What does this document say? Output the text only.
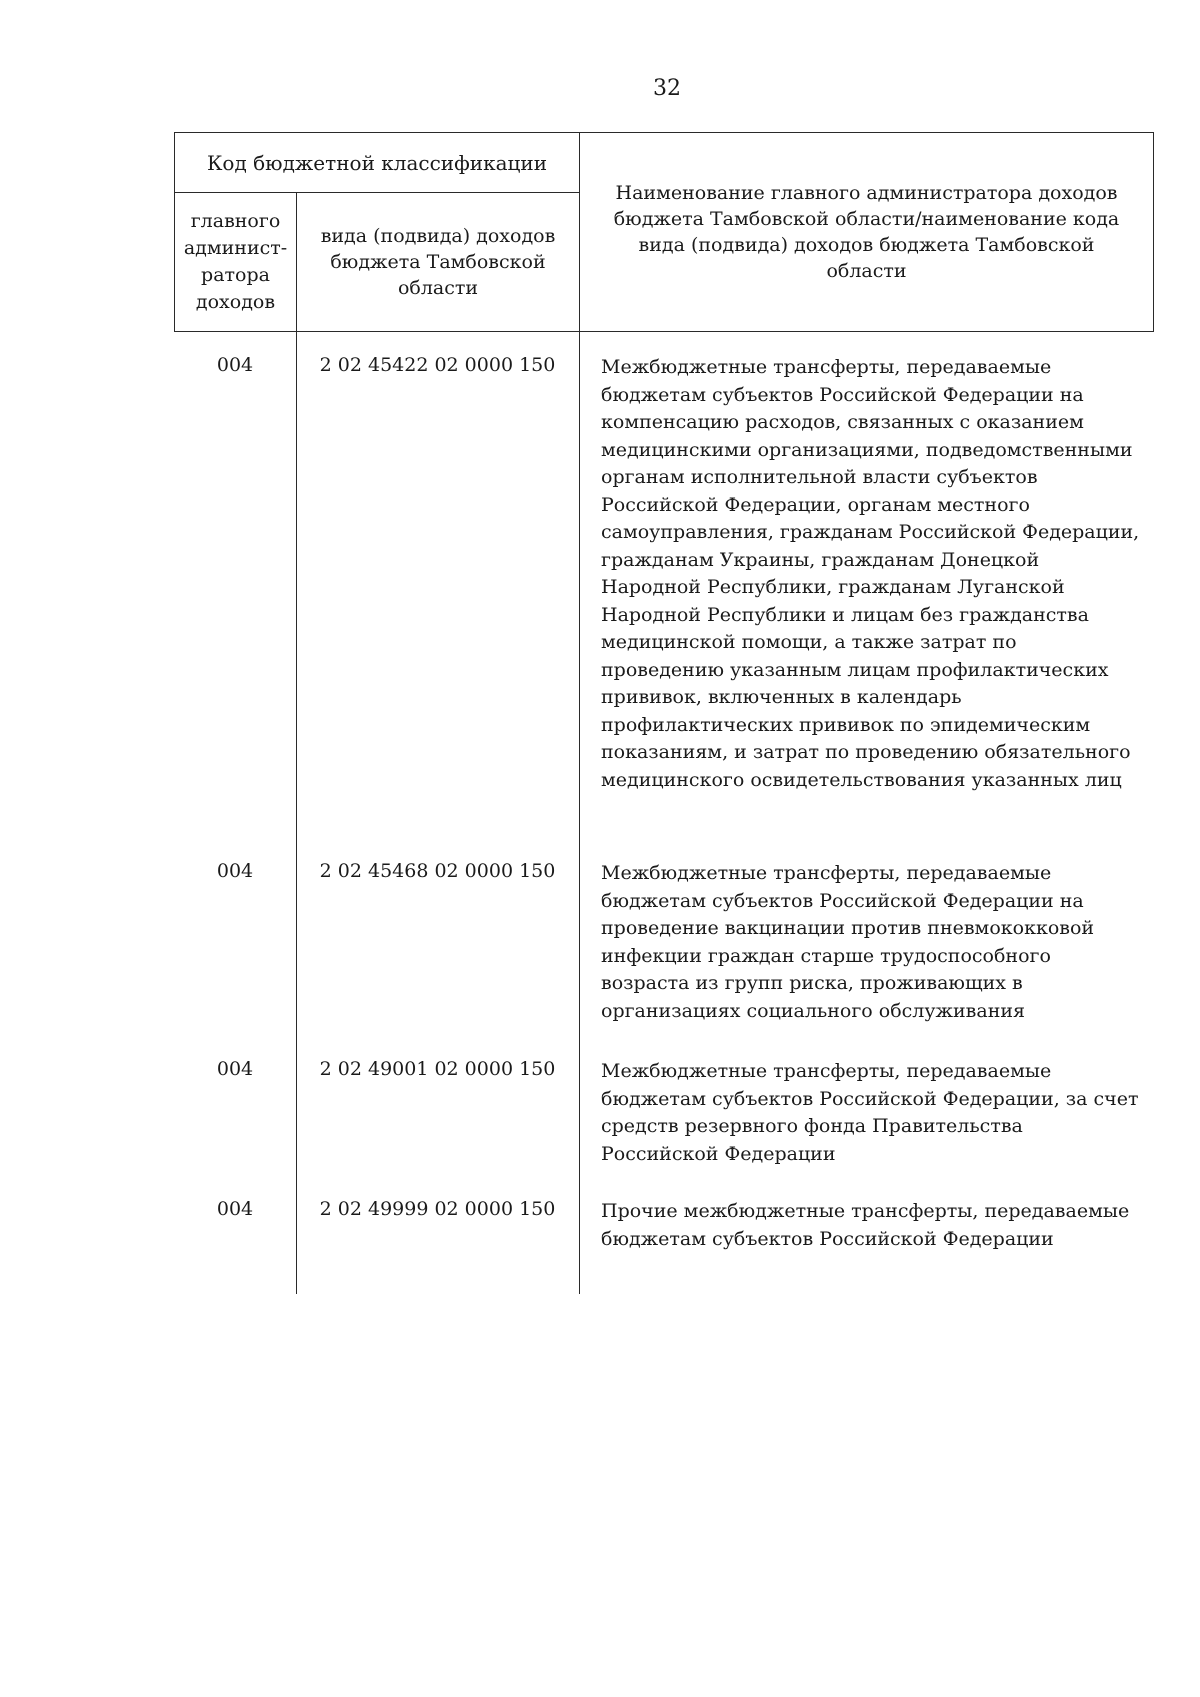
32
Код бюджетной классификации
главного админист-ратора доходов
вида (подвида) доходов бюджета Тамбовской области
Наименование главного администратора доходов бюджета Тамбовской области/наименование кода вида (подвида) доходов бюджета Тамбовской области
004	2 02 45422 02 0000 150	Межбюджетные трансферты, передаваемые бюджетам субъектов Российской Федерации на компенсацию расходов, связанных с оказанием медицинскими организациями, подведомственными органам исполнительной власти субъектов Российской Федерации, органам местного самоуправления, гражданам Российской Федерации, гражданам Украины, гражданам Донецкой Народной Республики, гражданам Луганской Народной Республики и лицам без гражданства медицинской помощи, а также затрат по проведению указанным лицам профилактических прививок, включенных в календарь профилактических прививок по эпидемическим показаниям, и затрат по проведению обязательного медицинского освидетельствования указанных лиц
004	2 02 45468 02 0000 150	Межбюджетные трансферты, передаваемые бюджетам субъектов Российской Федерации на проведение вакцинации против пневмококковой инфекции граждан старше трудоспособного возраста из групп риска, проживающих в организациях социального обслуживания
004	2 02 49001 02 0000 150	Межбюджетные трансферты, передаваемые бюджетам субъектов Российской Федерации, за счет средств резервного фонда Правительства Российской Федерации
004	2 02 49999 02 0000 150	Прочие межбюджетные трансферты, передаваемые бюджетам субъектов Российской Федерации
